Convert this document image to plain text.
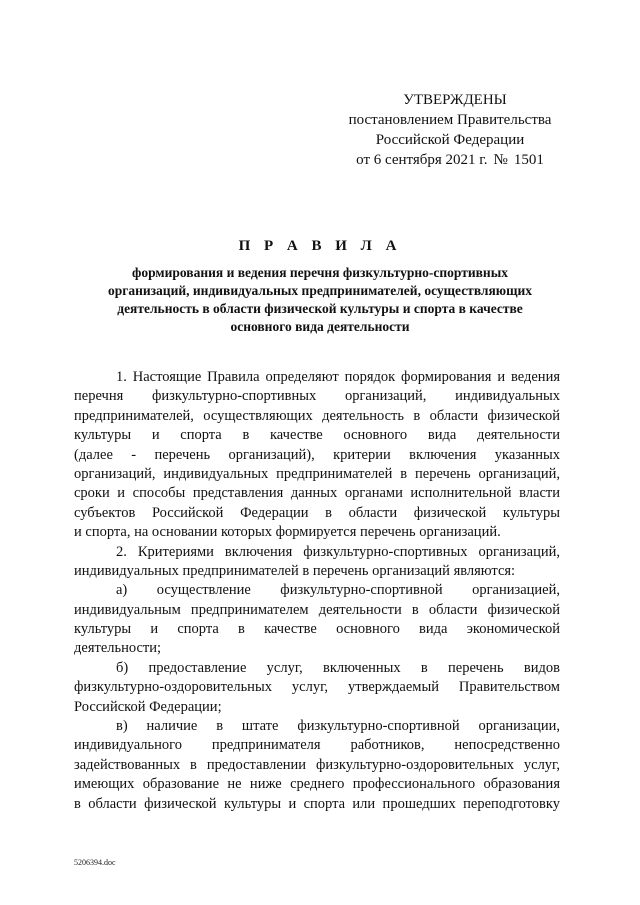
УТВЕРЖДЕНЫ
постановлением Правительства
Российской Федерации
от 6 сентября 2021 г. № 1501
П Р А В И Л А
формирования и ведения перечня физкультурно-спортивных
организаций, индивидуальных предпринимателей, осуществляющих
деятельность в области физической культуры и спорта в качестве
основного вида деятельности
1. Настоящие Правила определяют порядок формирования и ведения
перечня физкультурно-спортивных организаций, индивидуальных
предпринимателей, осуществляющих деятельность в области физической
культуры и спорта в качестве основного вида деятельности
(далее - перечень организаций), критерии включения указанных
организаций, индивидуальных предпринимателей в перечень организаций,
сроки и способы представления данных органами исполнительной власти
субъектов Российской Федерации в области физической культуры
и спорта, на основании которых формируется перечень организаций.
2. Критериями включения физкультурно-спортивных организаций,
индивидуальных предпринимателей в перечень организаций являются:
а) осуществление физкультурно-спортивной организацией,
индивидуальным предпринимателем деятельности в области физической
культуры и спорта в качестве основного вида экономической
деятельности;
б) предоставление услуг, включенных в перечень видов
физкультурно-оздоровительных услуг, утверждаемый Правительством
Российской Федерации;
в) наличие в штате физкультурно-спортивной организации,
индивидуального предпринимателя работников, непосредственно
задействованных в предоставлении физкультурно-оздоровительных услуг,
имеющих образование не ниже среднего профессионального образования
в области физической культуры и спорта или прошедших переподготовку
5206394.doc
